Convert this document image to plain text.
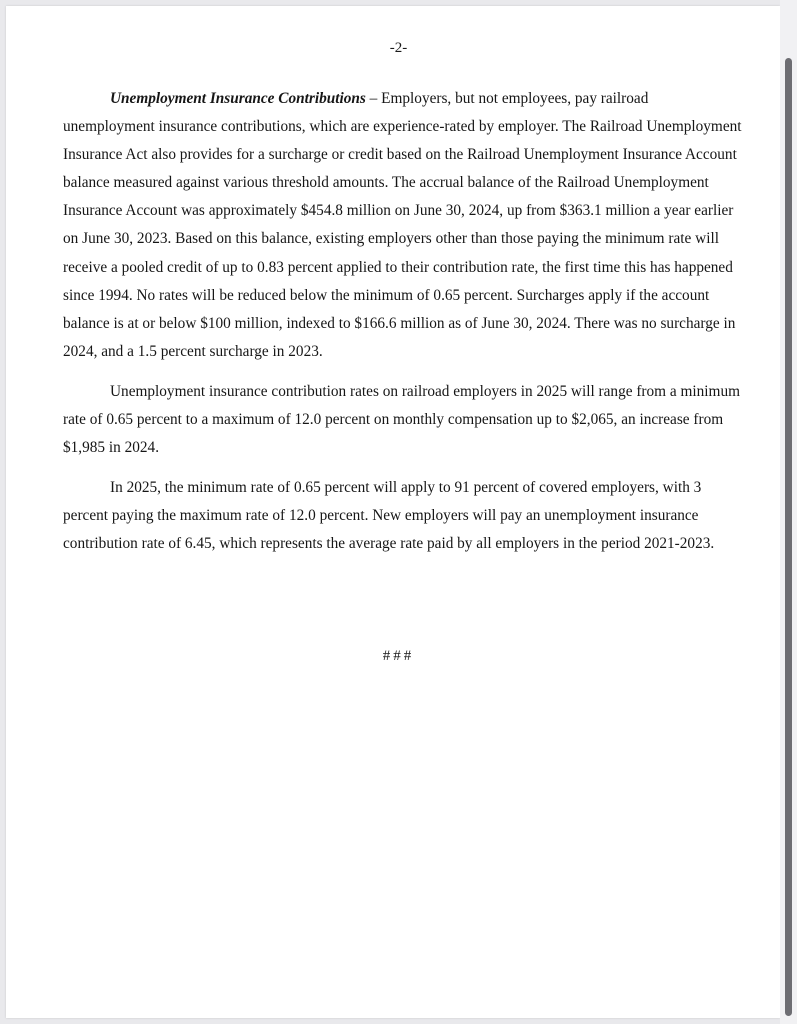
-2-

Unemployment Insurance Contributions – Employers, but not employees, pay railroad unemployment insurance contributions, which are experience-rated by employer. The Railroad Unemployment Insurance Act also provides for a surcharge or credit based on the Railroad Unemployment Insurance Account balance measured against various threshold amounts. The accrual balance of the Railroad Unemployment Insurance Account was approximately $454.8 million on June 30, 2024, up from $363.1 million a year earlier on June 30, 2023. Based on this balance, existing employers other than those paying the minimum rate will receive a pooled credit of up to 0.83 percent applied to their contribution rate, the first time this has happened since 1994. No rates will be reduced below the minimum of 0.65 percent. Surcharges apply if the account balance is at or below $100 million, indexed to $166.6 million as of June 30, 2024. There was no surcharge in 2024, and a 1.5 percent surcharge in 2023.

Unemployment insurance contribution rates on railroad employers in 2025 will range from a minimum rate of 0.65 percent to a maximum of 12.0 percent on monthly compensation up to $2,065, an increase from $1,985 in 2024.

In 2025, the minimum rate of 0.65 percent will apply to 91 percent of covered employers, with 3 percent paying the maximum rate of 12.0 percent. New employers will pay an unemployment insurance contribution rate of 6.45, which represents the average rate paid by all employers in the period 2021-2023.

###
